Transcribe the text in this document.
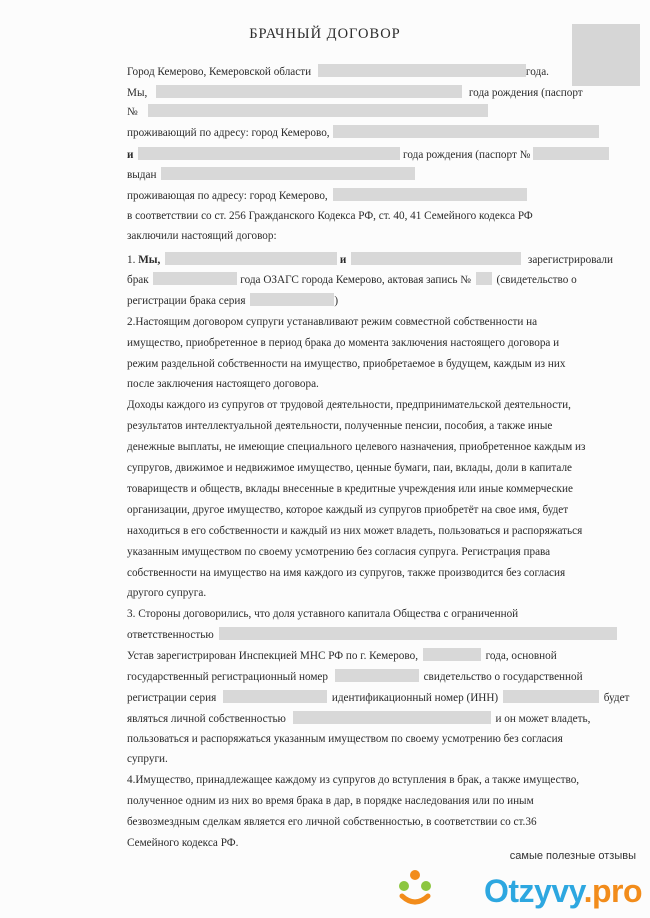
БРАЧНЫЙ ДОГОВОР
Город Кемерово, Кемеровской области	года.
Мы,	года рождения (паспорт
№
проживающий по адресу: город Кемерово,
и	года рождения (паспорт №
выдан
проживающая по адресу: город Кемерово,
в соответствии со ст. 256 Гражданского Кодекса РФ, ст. 40, 41 Семейного кодекса РФ
заключили настоящий договор:
1. Мы,	и	зарегистрировали
брак	года ОЗАГС города Кемерово, актовая запись № (свидетельство о
регистрации брака серия	)
2.Настоящим договором супруги устанавливают режим совместной собственности на
имущество, приобретенное в период брака до момента заключения настоящего договора и
режим раздельной собственности на имущество, приобретаемое в будущем, каждым из них
после заключения настоящего договора.
Доходы каждого из супругов от трудовой деятельности, предпринимательской деятельности,
результатов интеллектуальной деятельности, полученные пенсии, пособия, а также иные
денежные выплаты, не имеющие специального целевого назначения, приобретенное каждым из
супругов, движимое и недвижимое имущество, ценные бумаги, паи, вклады, доли в капитале
товариществ и обществ, вклады внесенные в кредитные учреждения или иные коммерческие
организации, другое имущество, которое каждый из супругов приобретёт на свое имя, будет
находиться в его собственности и каждый из них может владеть, пользоваться и распоряжаться
указанным имуществом по своему усмотрению без согласия супруга. Регистрация права
собственности на имущество на имя каждого из супругов, также производится без согласия
другого супруга.
3. Стороны договорились, что доля уставного капитала Общества с ограниченной
ответственностью
Устав зарегистрирован Инспекцией МНС РФ по г. Кемерово,	года, основной
государственный регистрационный номер	свидетельство о государственной
регистрации серия	идентификационный номер (ИНН)	будет
являться личной собственностью	и он может владеть,
пользоваться и распоряжаться указанным имуществом по своему усмотрению без согласия
супруги.
4.Имущество, принадлежащее каждому из супругов до вступления в брак, а также имущество,
полученное одним из них во время брака в дар, в порядке наследования или по иным
безвозмездным сделкам является его личной собственностью, в соответствии со ст.36
Семейного кодекса РФ.
самые полезные отзывы
Otzyvy.pro
